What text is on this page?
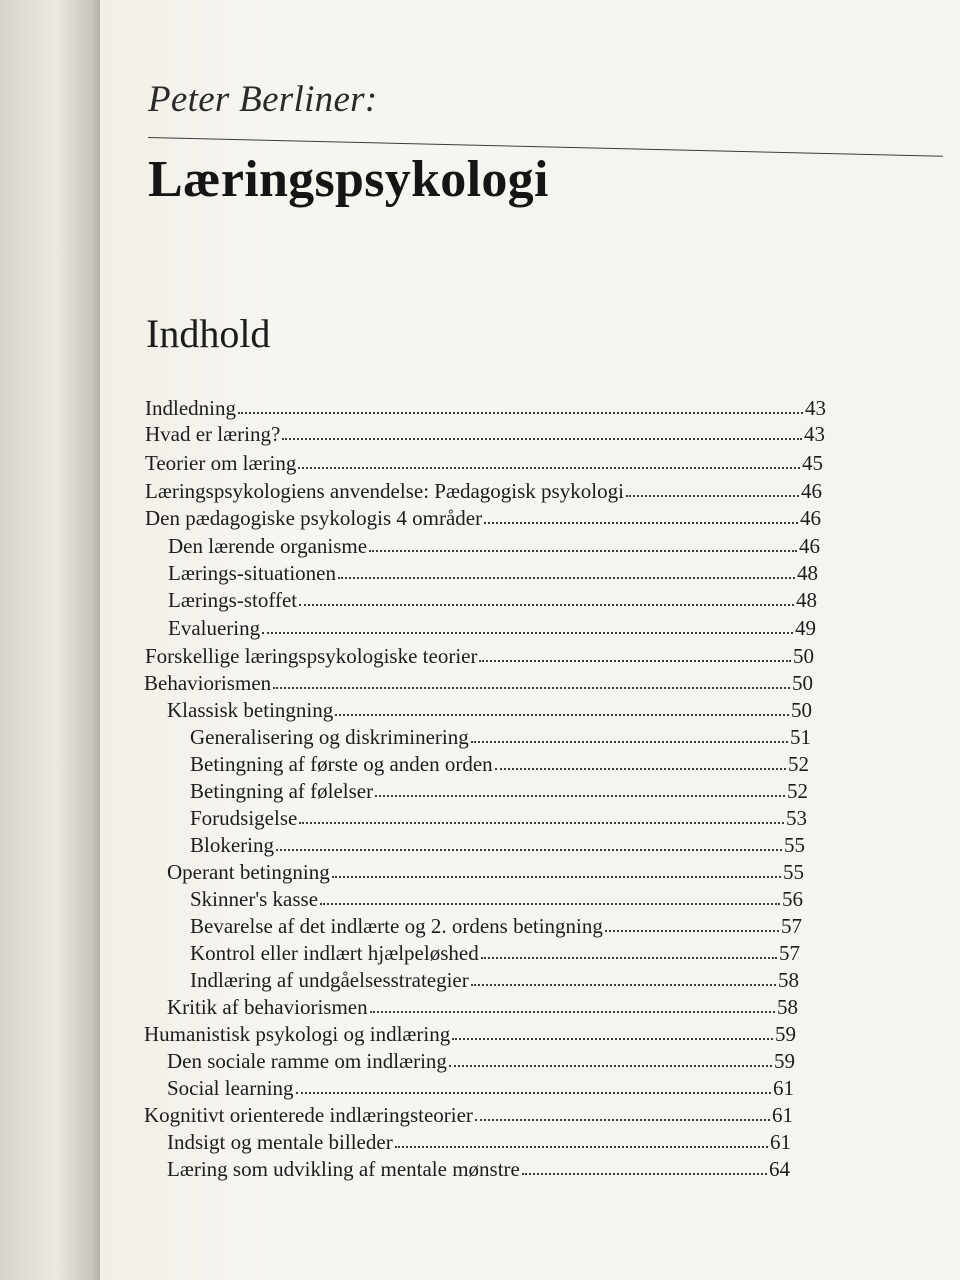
Peter Berliner:
Læringspsykologi
Indhold
Indledning	43
Hvad er læring?	43
Teorier om læring	45
Læringspsykologiens anvendelse: Pædagogisk psykologi	46
Den pædagogiske psykologis 4 områder	46
Den lærende organisme	46
Lærings-situationen	48
Lærings-stoffet	48
Evaluering	49
Forskellige læringspsykologiske teorier	50
Behaviorismen	50
Klassisk betingning	50
Generalisering og diskriminering	51
Betingning af første og anden orden	52
Betingning af følelser	52
Forudsigelse	53
Blokering	55
Operant betingning	55
Skinner's kasse	56
Bevarelse af det indlærte og 2. ordens betingning	57
Kontrol eller indlært hjælpeløshed	57
Indlæring af undgåelsesstrategier	58
Kritik af behaviorismen	58
Humanistisk psykologi og indlæring	59
Den sociale ramme om indlæring	59
Social learning	61
Kognitivt orienterede indlæringsteorier	61
Indsigt og mentale billeder	61
Læring som udvikling af mentale mønstre	64
